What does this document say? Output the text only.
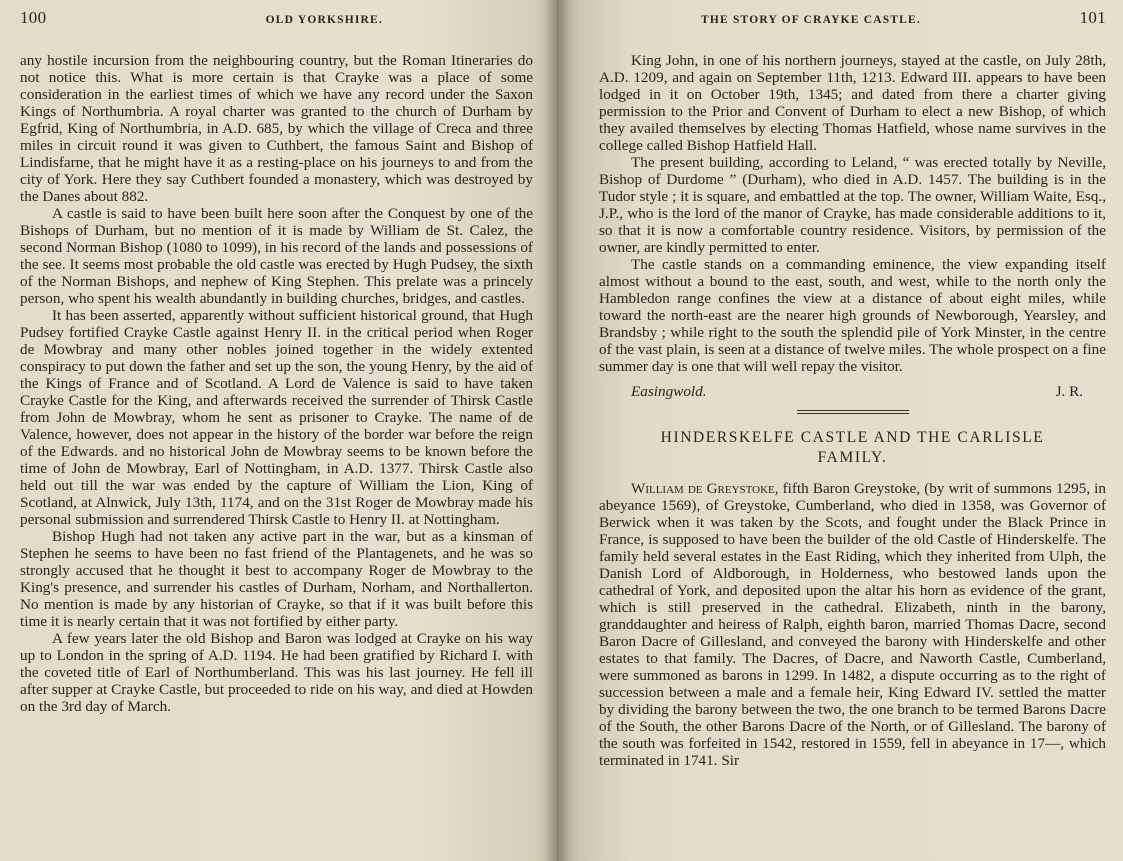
100	OLD YORKSHIRE.

any hostile incursion from the neighbouring country, but the Roman Itineraries do not notice this. What is more certain is that Crayke was a place of some consideration in the earliest times of which we have any record under the Saxon Kings of Northumbria. A royal charter was granted to the church of Durham by Egfrid, King of Northumbria, in A.D. 685, by which the village of Creca and three miles in circuit round it was given to Cuthbert, the famous Saint and Bishop of Lindisfarne, that he might have it as a resting-place on his journeys to and from the city of York. Here they say Cuthbert founded a monastery, which was destroyed by the Danes about 882.

A castle is said to have been built here soon after the Conquest by one of the Bishops of Durham, but no mention of it is made by William de St. Calez, the second Norman Bishop (1080 to 1099), in his record of the lands and possessions of the see. It seems most probable the old castle was erected by Hugh Pudsey, the sixth of the Norman Bishops, and nephew of King Stephen. This prelate was a princely person, who spent his wealth abundantly in building churches, bridges, and castles.

It has been asserted, apparently without sufficient historical ground, that Hugh Pudsey fortified Crayke Castle against Henry II. in the critical period when Roger de Mowbray and many other nobles joined together in the widely extented conspiracy to put down the father and set up the son, the young Henry, by the aid of the Kings of France and of Scotland. A Lord de Valence is said to have taken Crayke Castle for the King, and afterwards received the surrender of Thirsk Castle from John de Mowbray, whom he sent as prisoner to Crayke. The name of de Valence, however, does not appear in the history of the border war before the reign of the Edwards. and no historical John de Mowbray seems to be known before the time of John de Mowbray, Earl of Nottingham, in A.D. 1377. Thirsk Castle also held out till the war was ended by the capture of William the Lion, King of Scotland, at Alnwick, July 13th, 1174, and on the 31st Roger de Mowbray made his personal submission and surrendered Thirsk Castle to Henry II. at Nottingham.

Bishop Hugh had not taken any active part in the war, but as a kinsman of Stephen he seems to have been no fast friend of the Plantagenets, and he was so strongly accused that he thought it best to accompany Roger de Mowbray to the King's presence, and surrender his castles of Durham, Norham, and Northallerton. No mention is made by any historian of Crayke, so that if it was built before this time it is nearly certain that it was not fortified by either party.

A few years later the old Bishop and Baron was lodged at Crayke on his way up to London in the spring of A.D. 1194. He had been gratified by Richard I. with the coveted title of Earl of Northumberland. This was his last journey. He fell ill after supper at Crayke Castle, but proceeded to ride on his way, and died at Howden on the 3rd day of March.

THE STORY OF CRAYKE CASTLE.	101

King John, in one of his northern journeys, stayed at the castle, on July 28th, A.D. 1209, and again on September 11th, 1213. Edward III. appears to have been lodged in it on October 19th, 1345; and dated from there a charter giving permission to the Prior and Convent of Durham to elect a new Bishop, of which they availed themselves by electing Thomas Hatfield, whose name survives in the college called Bishop Hatfield Hall.

The present building, according to Leland, “ was erected totally by Neville, Bishop of Durdome ” (Durham), who died in A.D. 1457. The building is in the Tudor style ; it is square, and embattled at the top. The owner, William Waite, Esq., J.P., who is the lord of the manor of Crayke, has made considerable additions to it, so that it is now a comfortable country residence. Visitors, by permission of the owner, are kindly permitted to enter.

The castle stands on a commanding eminence, the view expanding itself almost without a bound to the east, south, and west, while to the north only the Hambledon range confines the view at a distance of about eight miles, while toward the north-east are the nearer high grounds of Newborough, Yearsley, and Brandsby ; while right to the south the splendid pile of York Minster, in the centre of the vast plain, is seen at a distance of twelve miles. The whole prospect on a fine summer day is one that will well repay the visitor.

Easingwold.	J. R.
HINDERSKELFE CASTLE AND THE CARLISLE
FAMILY.

William de Greystoke, fifth Baron Greystoke, (by writ of summons 1295, in abeyance 1569), of Greystoke, Cumberland, who died in 1358, was Governor of Berwick when it was taken by the Scots, and fought under the Black Prince in France, is supposed to have been the builder of the old Castle of Hinderskelfe. The family held several estates in the East Riding, which they inherited from Ulph, the Danish Lord of Aldborough, in Holderness, who bestowed lands upon the cathedral of York, and deposited upon the altar his horn as evidence of the grant, which is still preserved in the cathedral. Elizabeth, ninth in the barony, granddaughter and heiress of Ralph, eighth baron, married Thomas Dacre, second Baron Dacre of Gillesland, and conveyed the barony with Hinderskelfe and other estates to that family. The Dacres, of Dacre, and Naworth Castle, Cumberland, were summoned as barons in 1299. In 1482, a dispute occurring as to the right of succession between a male and a female heir, King Edward IV. settled the matter by dividing the barony between the two, the one branch to be termed Barons Dacre of the South, the other Barons Dacre of the North, or of Gillesland. The barony of the south was forfeited in 1542, restored in 1559, fell in abeyance in 17—, which terminated in 1741. Sir
